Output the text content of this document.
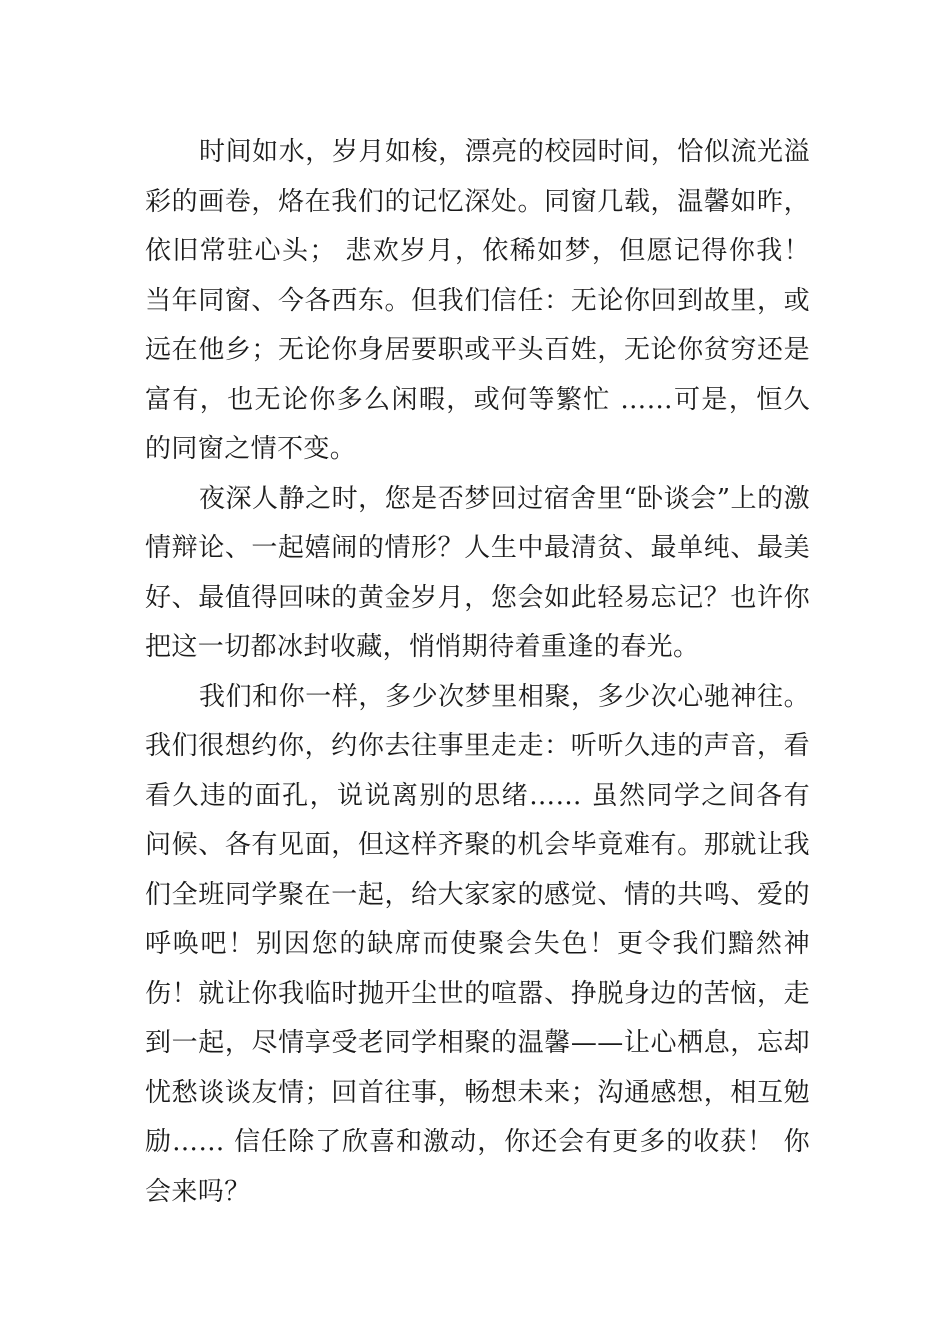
时间如水，岁月如梭，漂亮的校园时间，恰似流光溢彩的画卷，烙在我们的记忆深处。同窗几载，温馨如昨，依旧常驻心头； 悲欢岁月，依稀如梦，但愿记得你我！当年同窗、今各西东。但我们信任：无论你回到故里，或远在他乡；无论你身居要职或平头百姓，无论你贫穷还是富有，也无论你多么闲暇，或何等繁忙 ……可是，恒久的同窗之情不变。

夜深人静之时，您是否梦回过宿舍里“卧谈会”上的激情辩论、一起嬉闹的情形？人生中最清贫、最单纯、最美好、最值得回味的黄金岁月，您会如此轻易忘记？也许你把这一切都冰封收藏，悄悄期待着重逢的春光。

我们和你一样，多少次梦里相聚，多少次心驰神往。我们很想约你，约你去往事里走走：听听久违的声音，看看久违的面孔，说说离别的思绪…… 虽然同学之间各有问候、各有见面，但这样齐聚的机会毕竟难有。那就让我们全班同学聚在一起，给大家家的感觉、情的共鸣、爱的呼唤吧！别因您的缺席而使聚会失色！更令我们黯然神伤！就让你我临时抛开尘世的喧嚣、挣脱身边的苦恼，走到一起，尽情享受老同学相聚的温馨——让心栖息，忘却忧愁谈谈友情；回首往事，畅想未来；沟通感想，相互勉励…… 信任除了欣喜和激动，你还会有更多的收获！ 你会来吗？
